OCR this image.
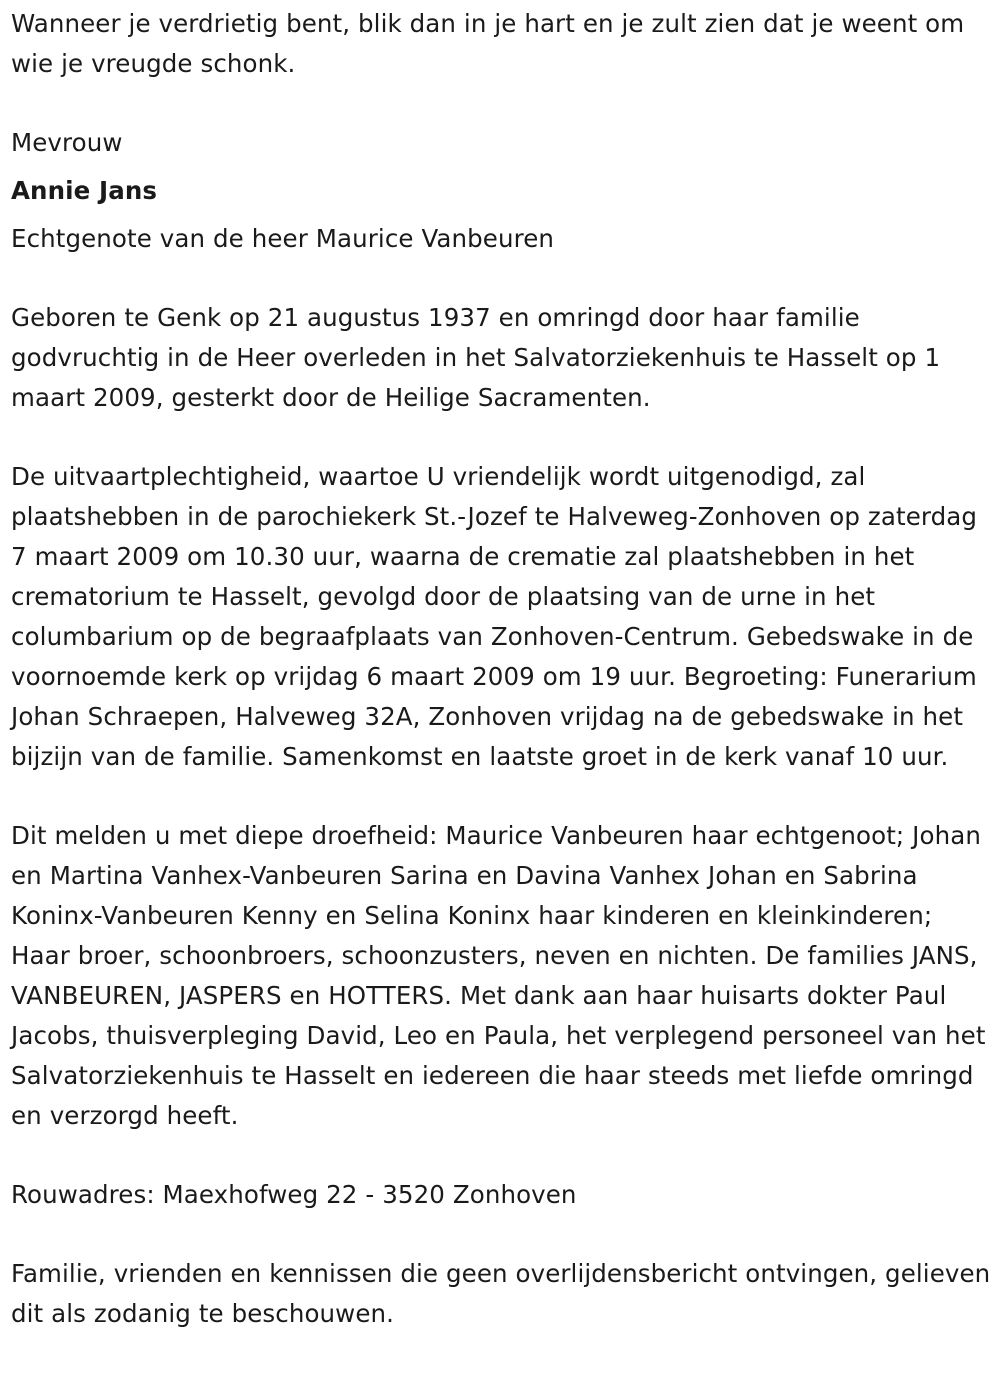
Wanneer je verdrietig bent, blik dan in je hart en je zult zien dat je weent om wie je vreugde schonk.

Mevrouw

Annie Jans

Echtgenote van de heer Maurice Vanbeuren

Geboren te Genk op 21 augustus 1937 en omringd door haar familie godvruchtig in de Heer overleden in het Salvatorziekenhuis te Hasselt op 1 maart 2009, gesterkt door de Heilige Sacramenten.

De uitvaartplechtigheid, waartoe U vriendelijk wordt uitgenodigd, zal plaatshebben in de parochiekerk St.-Jozef te Halveweg-Zonhoven op zaterdag 7 maart 2009 om 10.30 uur, waarna de crematie zal plaatshebben in het crematorium te Hasselt, gevolgd door de plaatsing van de urne in het columbarium op de begraafplaats van Zonhoven-Centrum. Gebedswake in de voornoemde kerk op vrijdag 6 maart 2009 om 19 uur. Begroeting: Funerarium Johan Schraepen, Halveweg 32A, Zonhoven vrijdag na de gebedswake in het bijzijn van de familie. Samenkomst en laatste groet in de kerk vanaf 10 uur.

Dit melden u met diepe droefheid: Maurice Vanbeuren haar echtgenoot; Johan en Martina Vanhex-Vanbeuren Sarina en Davina Vanhex Johan en Sabrina Koninx-Vanbeuren Kenny en Selina Koninx haar kinderen en kleinkinderen; Haar broer, schoonbroers, schoonzusters, neven en nichten. De families JANS, VANBEUREN, JASPERS en HOTTERS. Met dank aan haar huisarts dokter Paul Jacobs, thuisverpleging David, Leo en Paula, het verplegend personeel van het Salvatorziekenhuis te Hasselt en iedereen die haar steeds met liefde omringd en verzorgd heeft.

Rouwadres: Maexhofweg 22 - 3520 Zonhoven

Familie, vrienden en kennissen die geen overlijdensbericht ontvingen, gelieven dit als zodanig te beschouwen.
